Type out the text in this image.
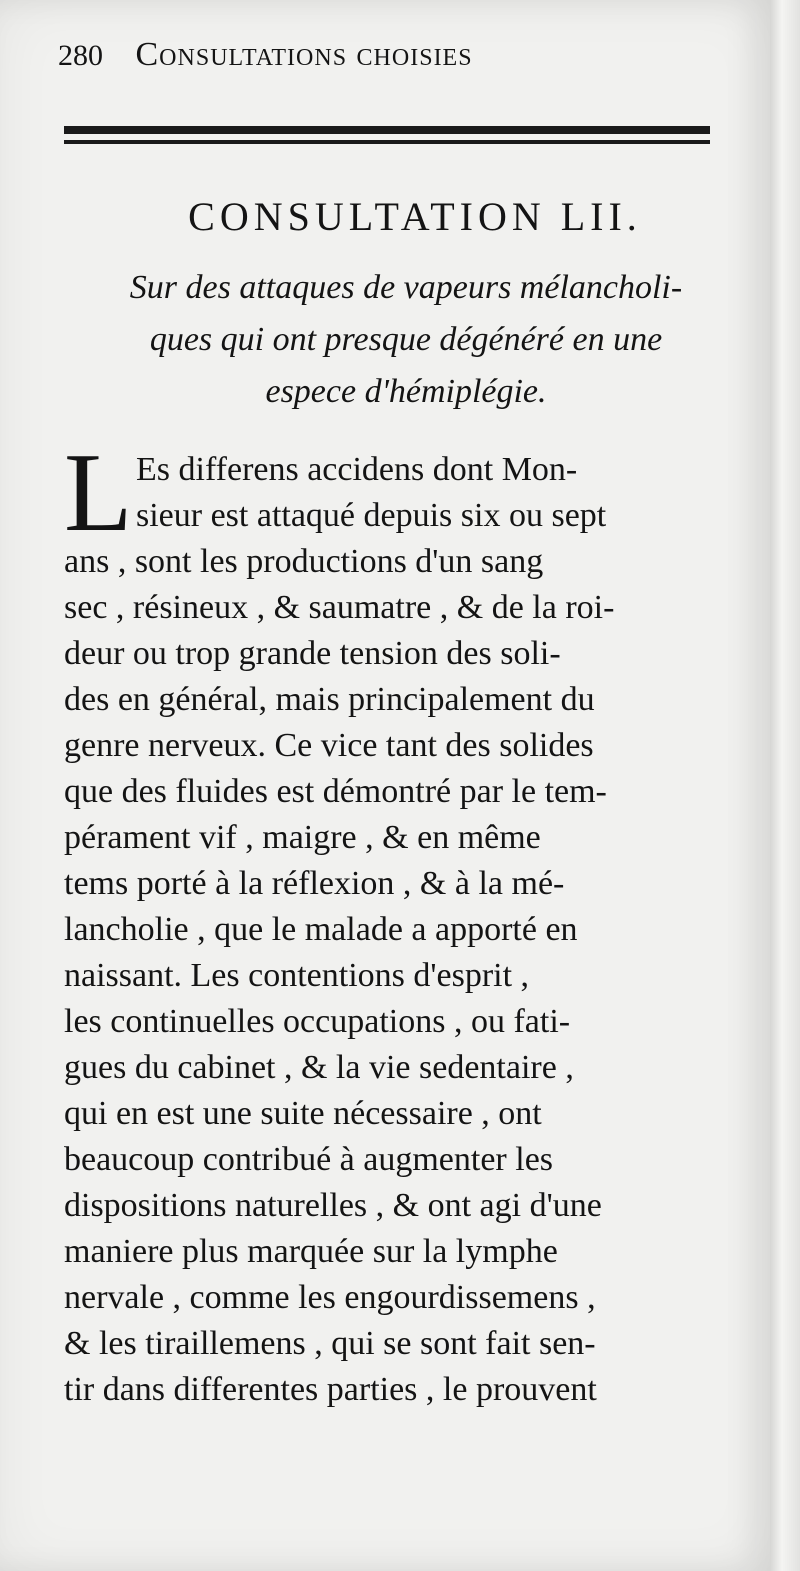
280 Consultations choisies
CONSULTATION LII.
Sur des attaques de vapeurs mélancholi-
ques qui ont presque dégénéré en une
espece d'hémiplégie.
L Es differens accidens dont Mon-
sieur est attaqué depuis six ou sept
ans , sont les productions d'un sang
sec , résineux , & saumatre , & de la roi-
deur ou trop grande tension des soli-
des en général, mais principalement du
genre nerveux. Ce vice tant des solides
que des fluides est démontré par le tem-
pérament vif , maigre , & en même
tems porté à la réflexion , & à la mé-
lancholie , que le malade a apporté en
naissant. Les contentions d'esprit ,
les continuelles occupations , ou fati-
gues du cabinet , & la vie sedentaire ,
qui en est une suite nécessaire , ont
beaucoup contribué à augmenter les
dispositions naturelles , & ont agi d'une
maniere plus marquée sur la lymphe
nervale , comme les engourdissemens ,
& les tiraillemens , qui se sont fait sen-
tir dans differentes parties , le prouvent
